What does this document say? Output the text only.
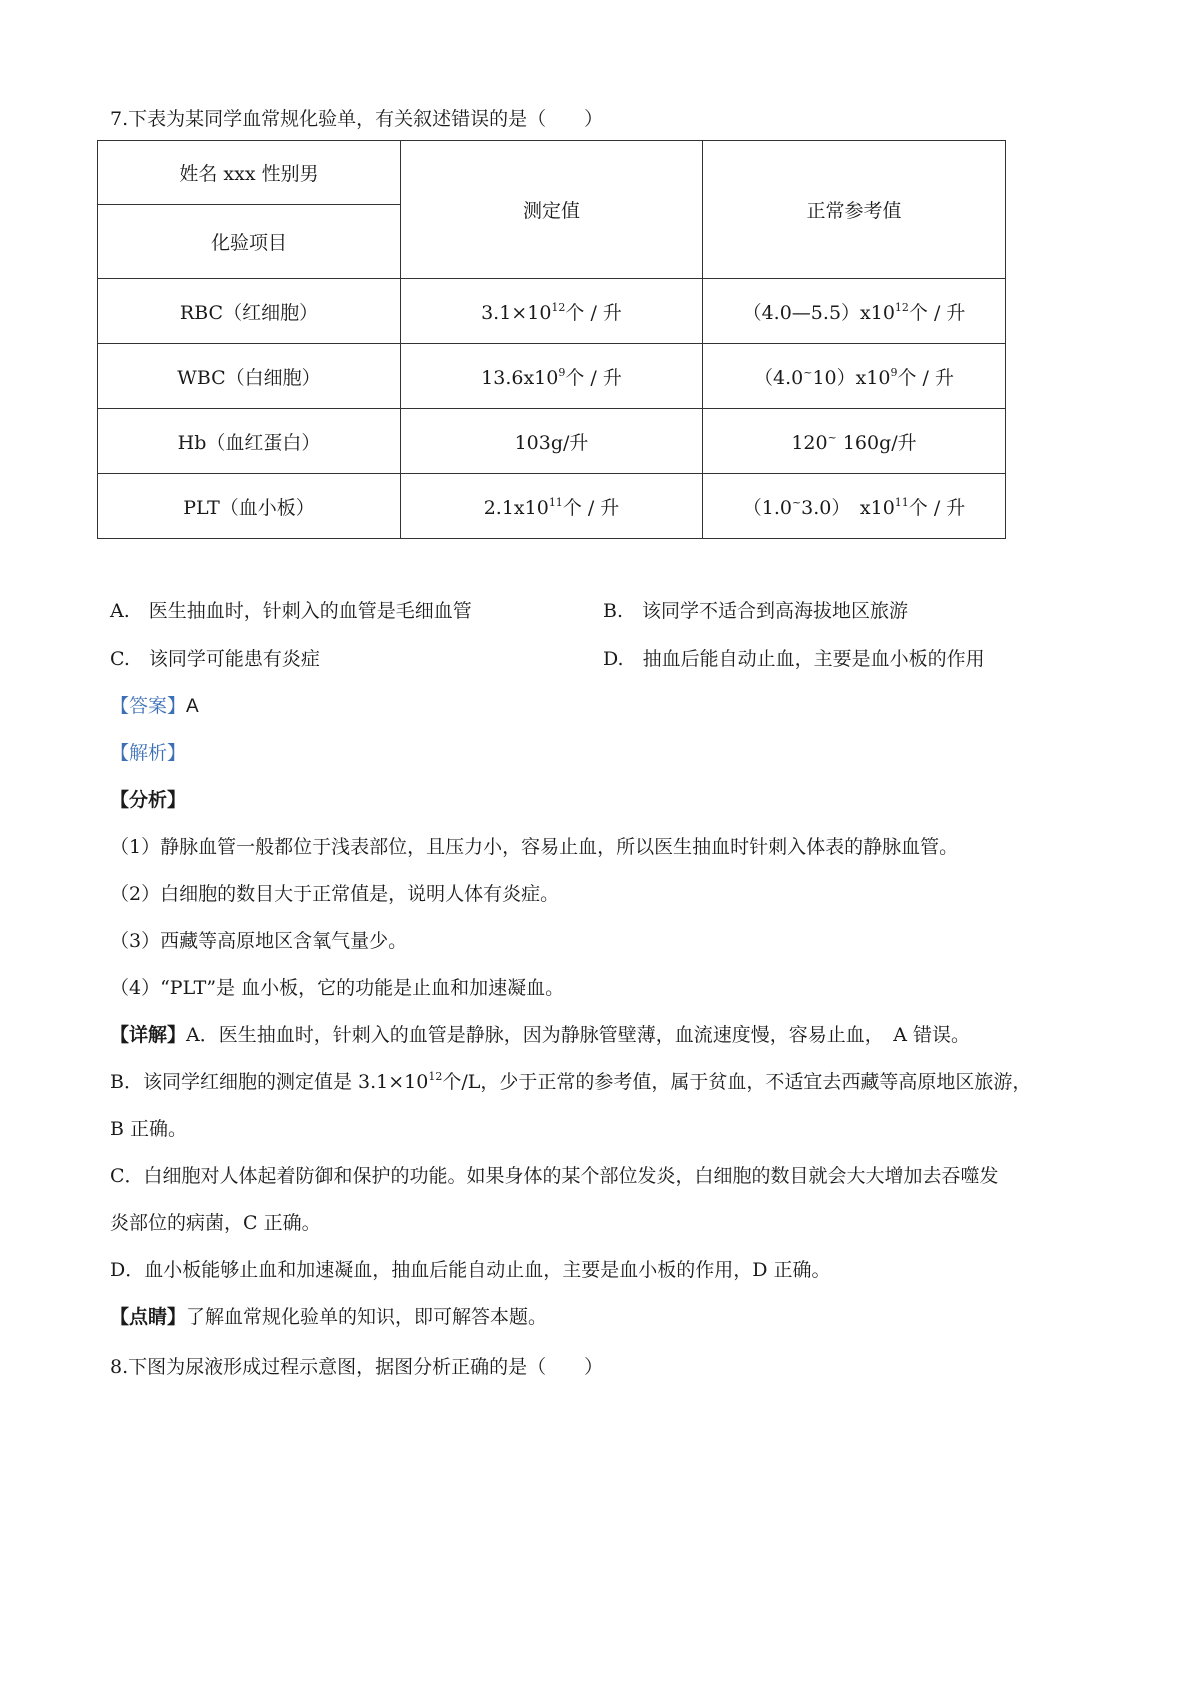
7.下表为某同学血常规化验单，有关叙述错误的是（　　）
姓名 xxx 性别男	测定值	正常参考值
化验项目		
RBC（红细胞）	$3.1\times 10^{12}$个 / 升	$(4.0—5.5)x10^{12}$个 / 升
WBC（白细胞）	$13.6x10^9$个 / 升	$(4.0^\sim 10)x10^9$个 / 升
Hb（血红蛋白）	103g/升	120~ 160g/升
PLT（血小板）	$2.1x10^{11}$个 / 升	（1.0~3.0）　$x10^{11}$个 / 升
A.　医生抽血时，针刺入的血管是毛细血管	B.　该同学不适合到高海拔地区旅游
C.　该同学可能患有炎症	D.　抽血后能自动止血，主要是血小板的作用
【答案】A
【解析】
【分析】
（1）静脉血管一般都位于浅表部位，且压力小，容易止血，所以医生抽血时针刺入体表的静脉血管。
（2）白细胞的数目大于正常值是，说明人体有炎症。
（3）西藏等高原地区含氧气量少。
（4）“PLT”是 血小板，它的功能是止血和加速凝血。
【详解】A．医生抽血时，针刺入的血管是静脉，因为静脉管壁薄，血流速度慢，容易止血，　A 错误。
B．该同学红细胞的测定值是 $3.1\times 10^{12}$个/L，少于正常的参考值，属于贫血，不适宜去西藏等高原地区旅游，
B 正确。
C．白细胞对人体起着防御和保护的功能。如果身体的某个部位发炎，白细胞的数目就会大大增加去吞噬发
炎部位的病菌，C 正确。
D．血小板能够止血和加速凝血，抽血后能自动止血，主要是血小板的作用，D 正确。
【点睛】了解血常规化验单的知识，即可解答本题。
8.下图为尿液形成过程示意图，据图分析正确的是（　　）
